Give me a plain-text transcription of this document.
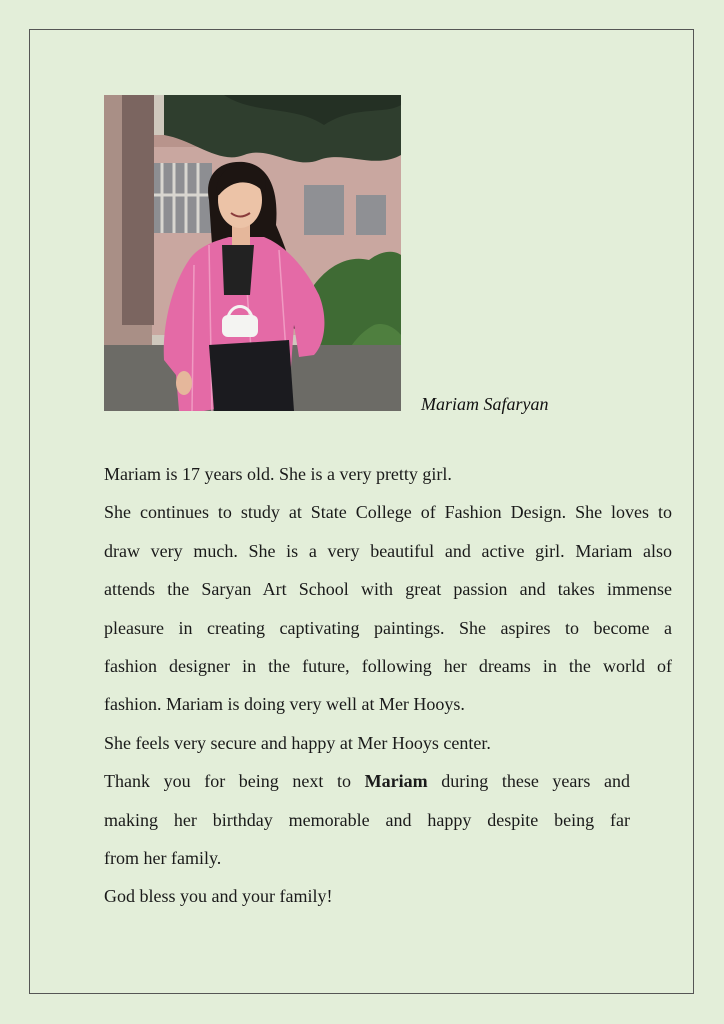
Mariam Safaryan
Mariam is 17 years old. She is a very pretty girl.
She continues to study at State College of Fashion Design. She loves to
draw very much. She is a very beautiful and active girl. Mariam also
attends the Saryan Art School with great passion and takes immense
pleasure in creating captivating paintings. She aspires to become a
fashion designer in the future, following her dreams in the world of
fashion. Mariam is doing very well at Mer Hooys.
She feels very secure and happy at Mer Hooys center.
Thank you for being next to Mariam during these years and
making her birthday memorable and happy despite being far
from her family.
God bless you and your family!
